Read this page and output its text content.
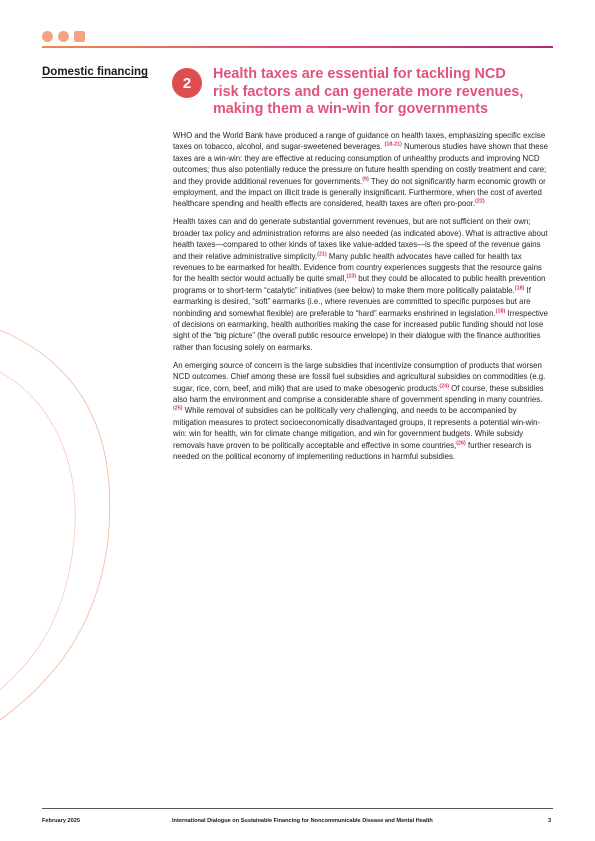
Domestic financing
2
Health taxes are essential for tackling NCD risk factors and can generate more revenues, making them a win-win for governments

WHO and the World Bank have produced a range of guidance on health taxes, emphasizing specific excise taxes on tobacco, alcohol, and sugar-sweetened beverages. $^{(18-21)}$ Numerous studies have shown that these taxes are a win-win: they are effective at reducing consumption of unhealthy products and improving NCD outcomes; thus also potentially reduce the pressure on future health spending on costly treatment and care; and they provide additional revenues for governments.$^{(9)}$ They do not significantly harm economic growth or employment, and the impact on illicit trade is generally insignificant. Furthermore, when the cost of averted healthcare spending and health effects are considered, health taxes are often pro-poor.$^{(22)}$

Health taxes can and do generate substantial government revenues, but are not sufficient on their own; broader tax policy and administration reforms are also needed (as indicated above). What is attractive about health taxes—compared to other kinds of taxes like value-added taxes—is the speed of the revenue gains and their relative administrative simplicity.$^{(21)}$ Many public health advocates have called for health tax revenues to be earmarked for health. Evidence from country experiences suggests that the resource gains for the health sector would actually be quite small,$^{(23)}$ but they could be allocated to public health prevention programs or to short-term “catalytic” initiatives (see below) to make them more politically palatable.$^{(18)}$ If earmarking is desired, “soft” earmarks (i.e., where revenues are committed to specific purposes but are nonbinding and somewhat flexible) are preferable to “hard” earmarks enshrined in legislation.$^{(18)}$ Irrespective of decisions on earmarking, health authorities making the case for increased public funding should not lose sight of the “big picture” (the overall public resource envelope) in their dialogue with the finance authorities rather than focusing solely on earmarks.

An emerging source of concern is the large subsidies that incentivize consumption of products that worsen NCD outcomes. Chief among these are fossil fuel subsidies and agricultural subsidies on commodities (e.g. sugar, rice, corn, beef, and milk) that are used to make obesogenic products.$^{(24)}$ Of course, these subsidies also harm the environment and comprise a considerable share of government spending in many countries.$^{(25)}$ While removal of subsidies can be politically very challenging, and needs to be accompanied by mitigation measures to protect socioeconomically disadvantaged groups, it represents a potential win-win-win: win for health, win for climate change mitigation, and win for government budgets. While subsidy removals have proven to be politically acceptable and effective in some countries,$^{(26)}$ further research is needed on the political economy of implementing reductions in harmful subsidies.

February 2025	International Dialogue on Sustainable Financing for Noncommunicable Disease and Mental Health	3
